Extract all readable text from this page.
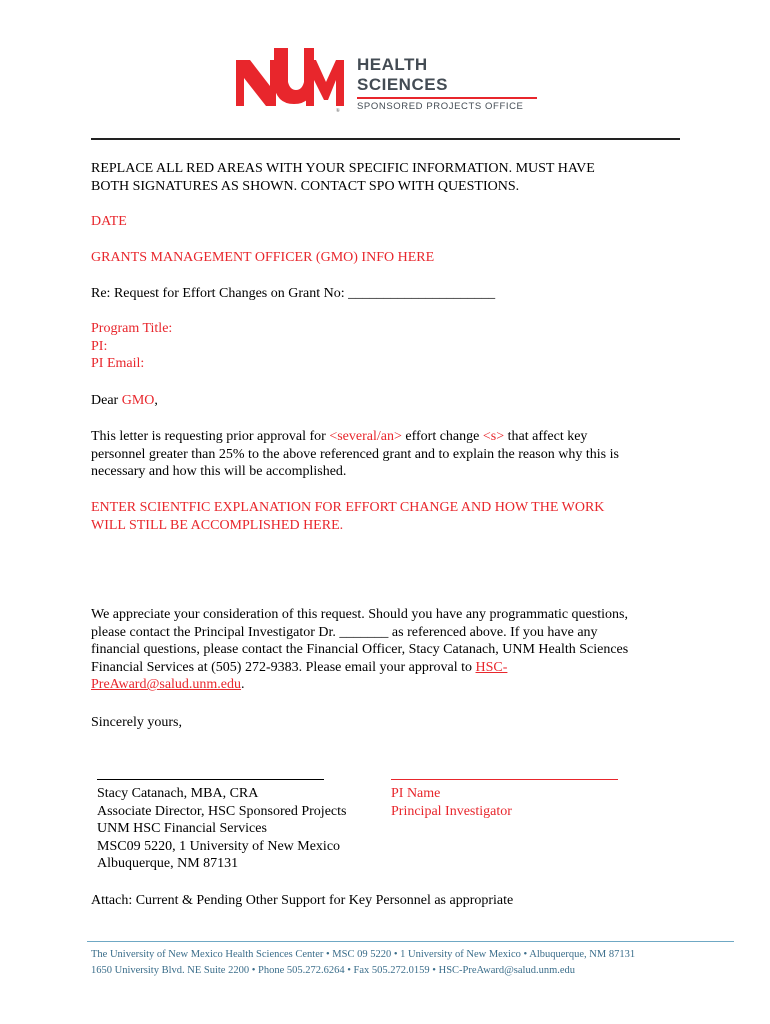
®
HEALTH
SCIENCES
SPONSORED PROJECTS OFFICE
REPLACE ALL RED AREAS WITH YOUR SPECIFIC INFORMATION. MUST HAVE
BOTH SIGNATURES AS SHOWN. CONTACT SPO WITH QUESTIONS.
DATE
GRANTS MANAGEMENT OFFICER (GMO) INFO HERE
Re: Request for Effort Changes on Grant No: _____________________
Program Title:
PI:
PI Email:
Dear GMO,
This letter is requesting prior approval for <several/an> effort change <s> that affect key
personnel greater than 25% to the above referenced grant and to explain the reason why this is
necessary and how this will be accomplished.
ENTER SCIENTFIC EXPLANATION FOR EFFORT CHANGE AND HOW THE WORK
WILL STILL BE ACCOMPLISHED HERE.
We appreciate your consideration of this request. Should you have any programmatic questions,
please contact the Principal Investigator Dr. _______ as referenced above. If you have any
financial questions, please contact the Financial Officer, Stacy Catanach, UNM Health Sciences
Financial Services at (505) 272-9383. Please email your approval to HSC-
PreAward@salud.unm.edu.
Sincerely yours,
Stacy Catanach, MBA, CRA
Associate Director, HSC Sponsored Projects
UNM HSC Financial Services
MSC09 5220, 1 University of New Mexico
Albuquerque, NM 87131
PI Name
Principal Investigator
Attach: Current & Pending Other Support for Key Personnel as appropriate
The University of New Mexico Health Sciences Center • MSC 09 5220 • 1 University of New Mexico • Albuquerque, NM 87131
1650 University Blvd. NE Suite 2200 • Phone 505.272.6264 • Fax 505.272.0159 • HSC-PreAward@salud.unm.edu
